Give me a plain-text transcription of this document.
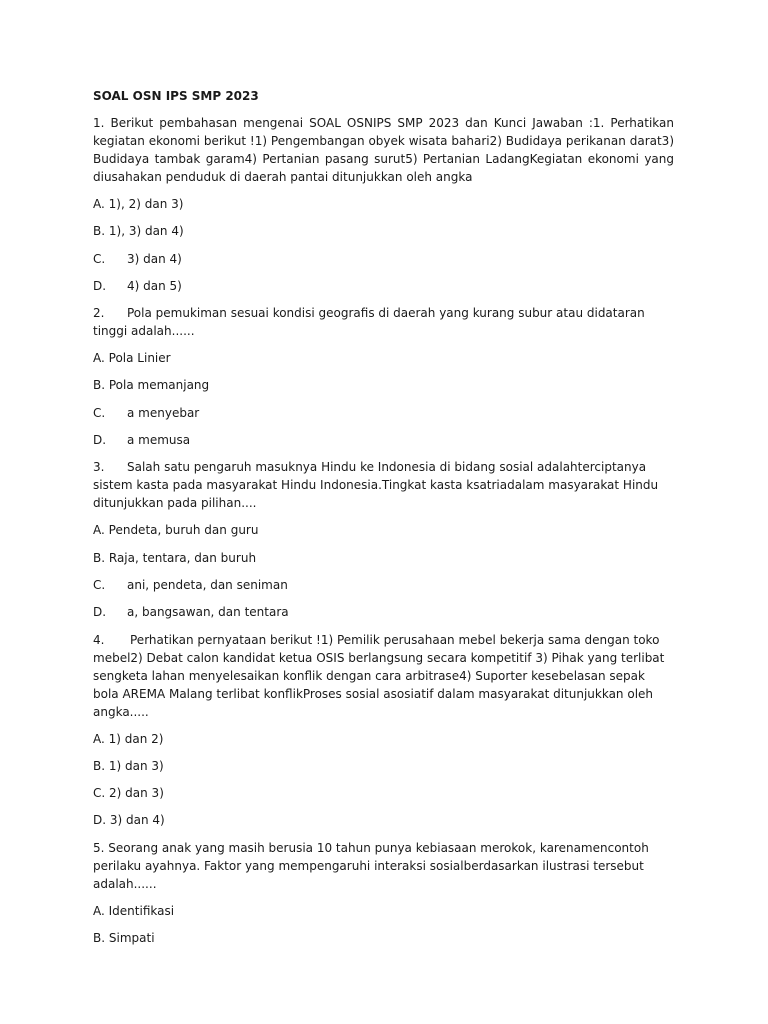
SOAL OSN IPS SMP 2023
1. Berikut pembahasan mengenai SOAL OSNIPS SMP 2023 dan Kunci Jawaban :1. Perhatikan kegiatan ekonomi berikut !1) Pengembangan obyek wisata bahari2) Budidaya perikanan darat3) Budidaya tambak garam4) Pertanian pasang surut5) Pertanian LadangKegiatan ekonomi yang diusahakan penduduk di daerah pantai ditunjukkan oleh angka
A. 1), 2) dan 3)
B. 1), 3) dan 4)
C. 3) dan 4)
D. 4) dan 5)
2. Pola pemukiman sesuai kondisi geografis di daerah yang kurang subur atau didataran tinggi adalah......
A. Pola Linier
B. Pola memanjang
C. a menyebar
D. a memusa
3. Salah satu pengaruh masuknya Hindu ke Indonesia di bidang sosial adalahterciptanya sistem kasta pada masyarakat Hindu Indonesia.Tingkat kasta ksatriadalam masyarakat Hindu ditunjukkan pada pilihan....
A. Pendeta, buruh dan guru
B. Raja, tentara, dan buruh
C. ani, pendeta, dan seniman
D. a, bangsawan, dan tentara
4. Perhatikan pernyataan berikut !1) Pemilik perusahaan mebel bekerja sama dengan toko mebel2) Debat calon kandidat ketua OSIS berlangsung secara kompetitif 3) Pihak yang terlibat sengketa lahan menyelesaikan konflik dengan cara arbitrase4) Suporter kesebelasan sepak bola AREMA Malang terlibat konflikProses sosial asosiatif dalam masyarakat ditunjukkan oleh angka.....
A. 1) dan 2)
B. 1) dan 3)
C. 2) dan 3)
D. 3) dan 4)
5. Seorang anak yang masih berusia 10 tahun punya kebiasaan merokok, karenamencontoh perilaku ayahnya. Faktor yang mempengaruhi interaksi sosialberdasarkan ilustrasi tersebut adalah......
A. Identifikasi
B. Simpati
